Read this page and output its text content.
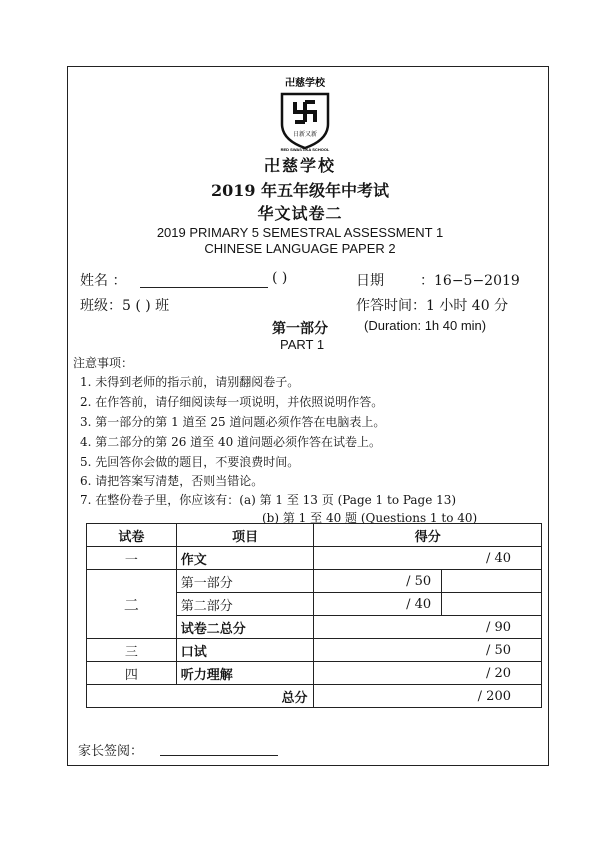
卍慈学校
日新又新
RED SWASTIKA SCHOOL
卍慈学校
2019 年五年级年中考试
华文试卷二
2019 PRIMARY 5 SEMESTRAL ASSESSMENT 1
CHINESE LANGUAGE PAPER 2
姓名 ：	( )	日期	：16−5−2019
班级：5 ( ) 班	作答时间：1 小时 40 分
第一部分	(Duration: 1h 40 min)
PART 1
注意事项：
1. 未得到老师的指示前，请别翻阅卷子。
2. 在作答前，请仔细阅读每一项说明，并依照说明作答。
3. 第一部分的第 1 道至 25 道问题必须作答在电脑表上。
4. 第二部分的第 26 道至 40 道问题必须作答在试卷上。
5. 先回答你会做的题目，不要浪费时间。
6. 请把答案写清楚，否则当错论。
7. 在整份卷子里，你应该有：(a) 第 1 至 13 页 (Page 1 to Page 13)
(b) 第 1 至 40 题 (Questions 1 to 40)
试卷	项目	得分	
一	作文	/ 40	
二	第一部分	/ 50	
	第二部分	/ 40	
	试卷二总分	/ 90	
三	口试	/ 50	
四	听力理解	/ 20	
总分		/ 200	
家长签阅：
